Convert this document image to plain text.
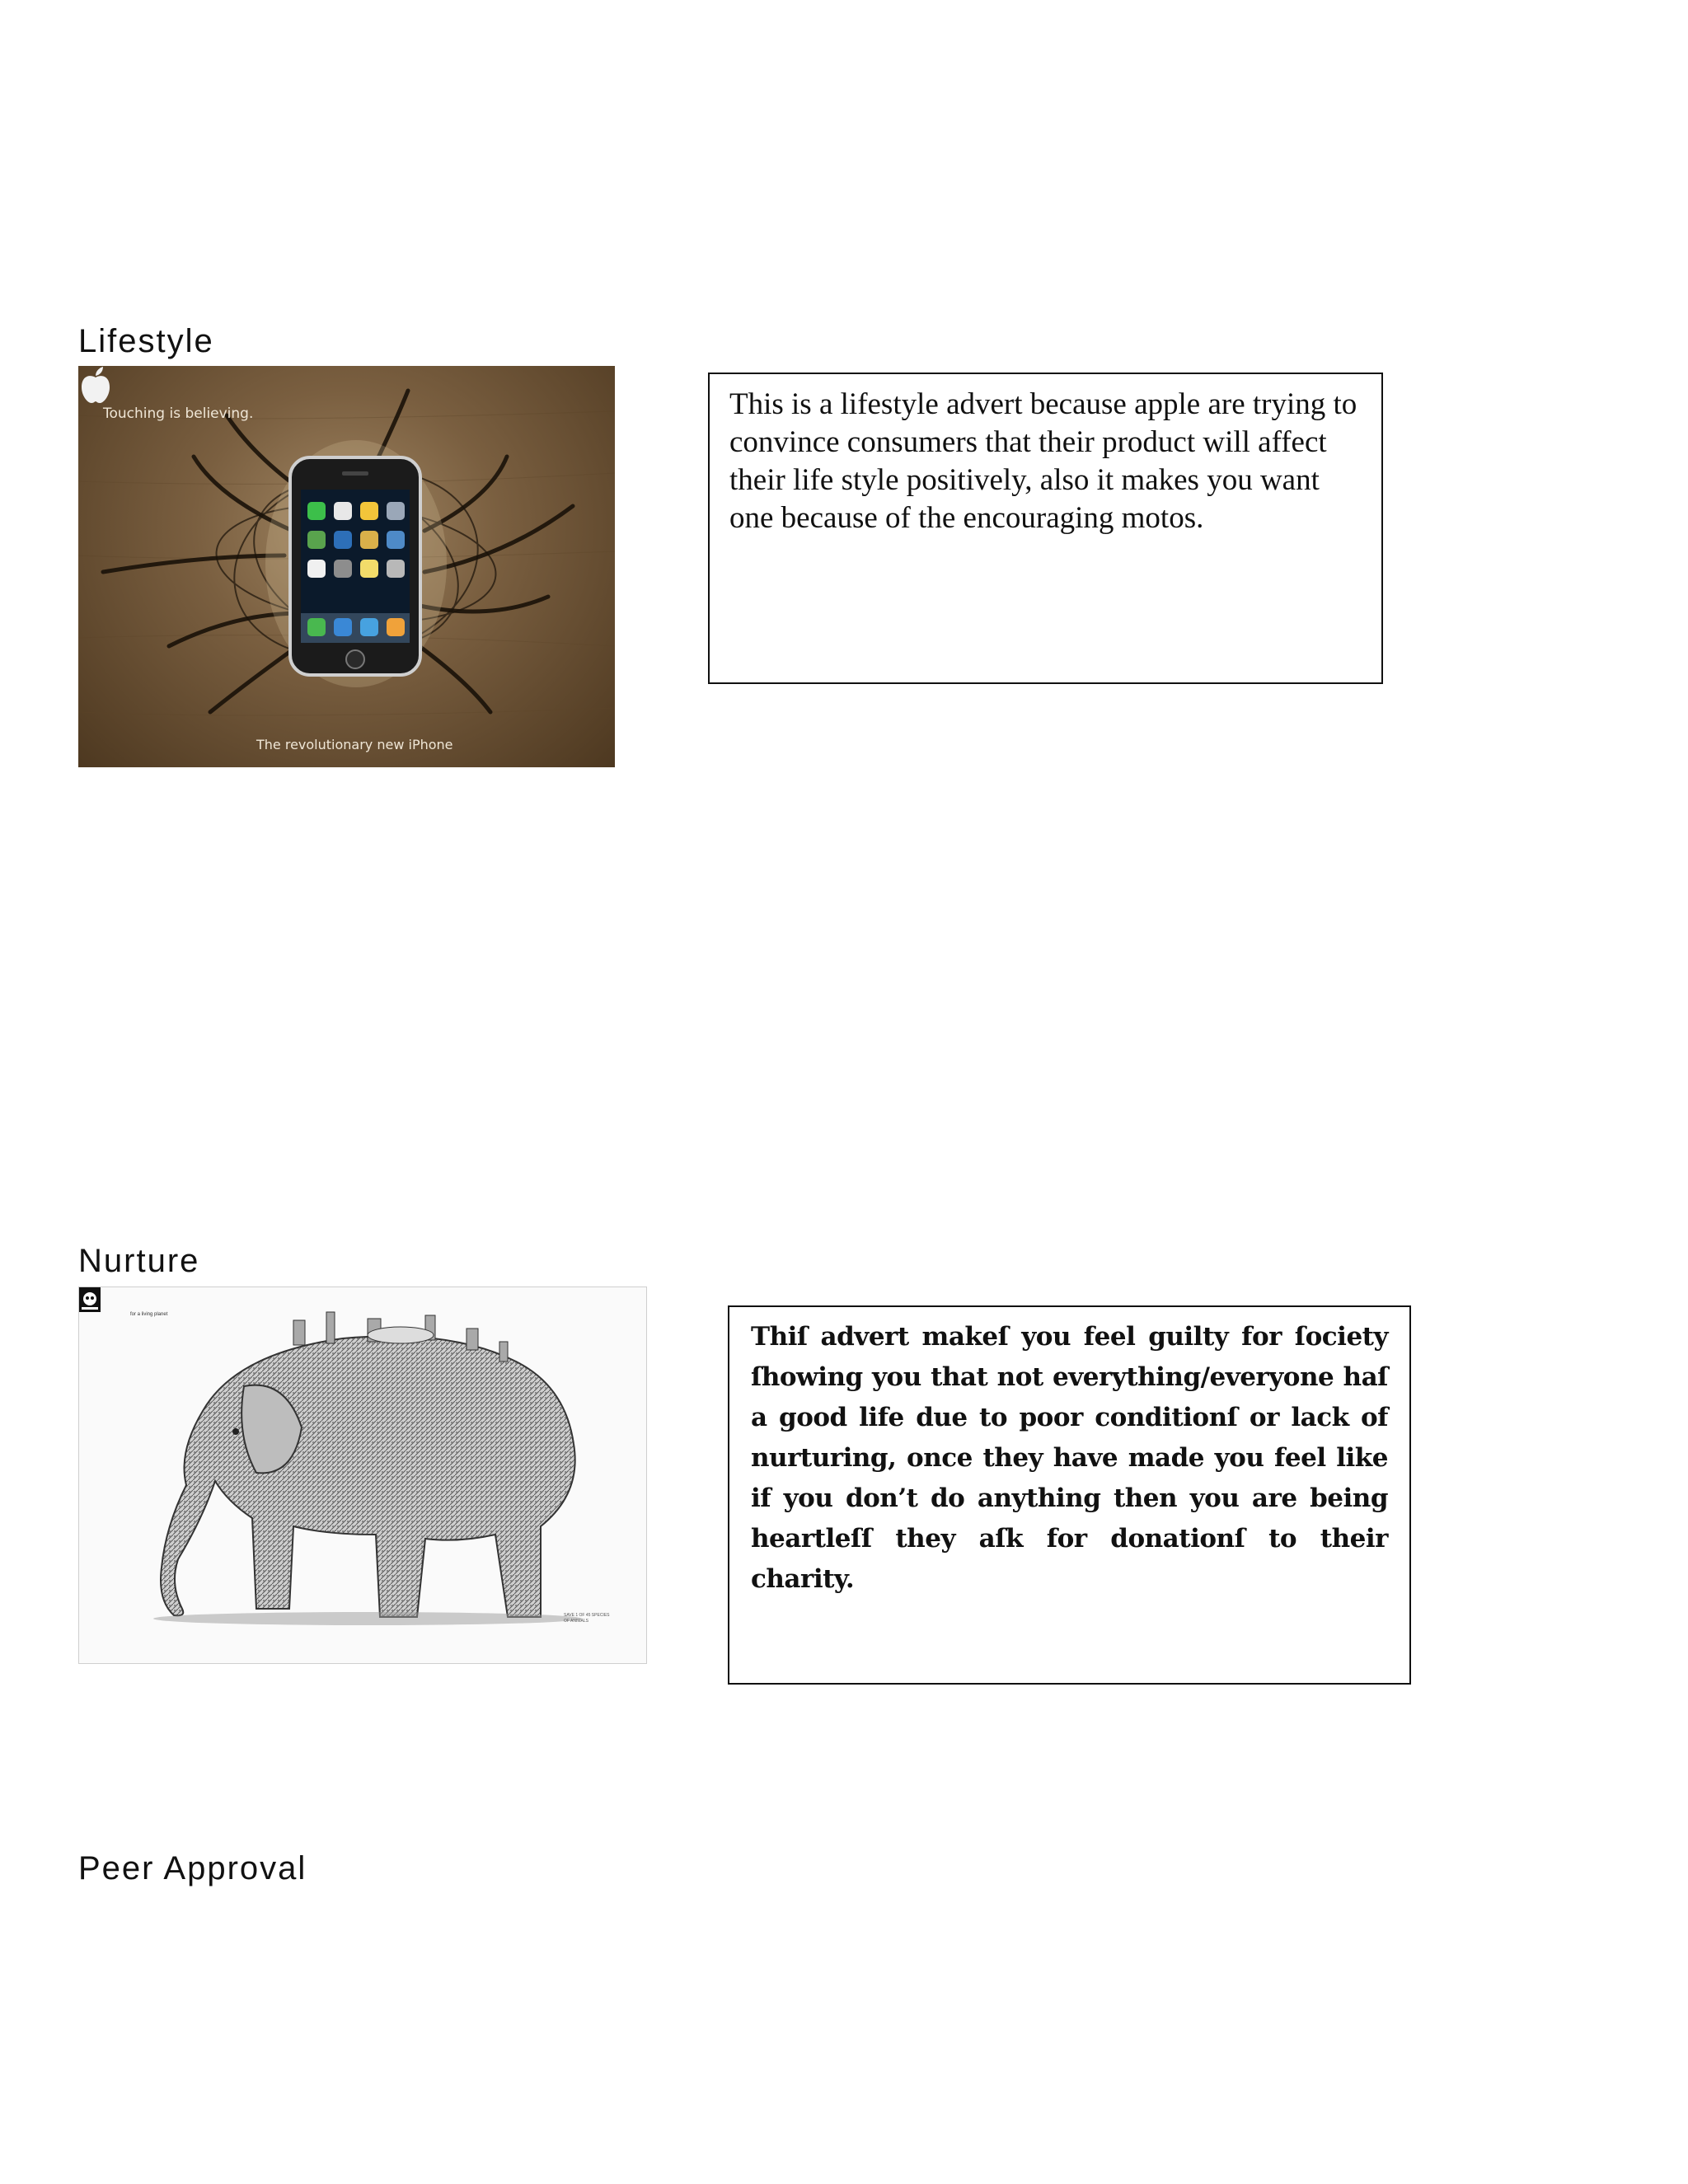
Lifestyle
Touching is believing.
The revolutionary new iPhone
This is a lifestyle advert because apple are trying to convince consumers that their product will affect their life style positively, also it makes you want one because of the encouraging motos.
Nurture
for a living planet
SAVE 1 OF 45 SPECIES OF ANIMALS
Thiſ advert makeſ you feel guilty for ſociety ſhowing you that not everything/everyone haſ a good life due to poor conditionſ or lack of nurturing, once they have made you feel like if you don’t do anything then you are being heartleſſ they aſk for donationſ to their charity.
Peer Approval
